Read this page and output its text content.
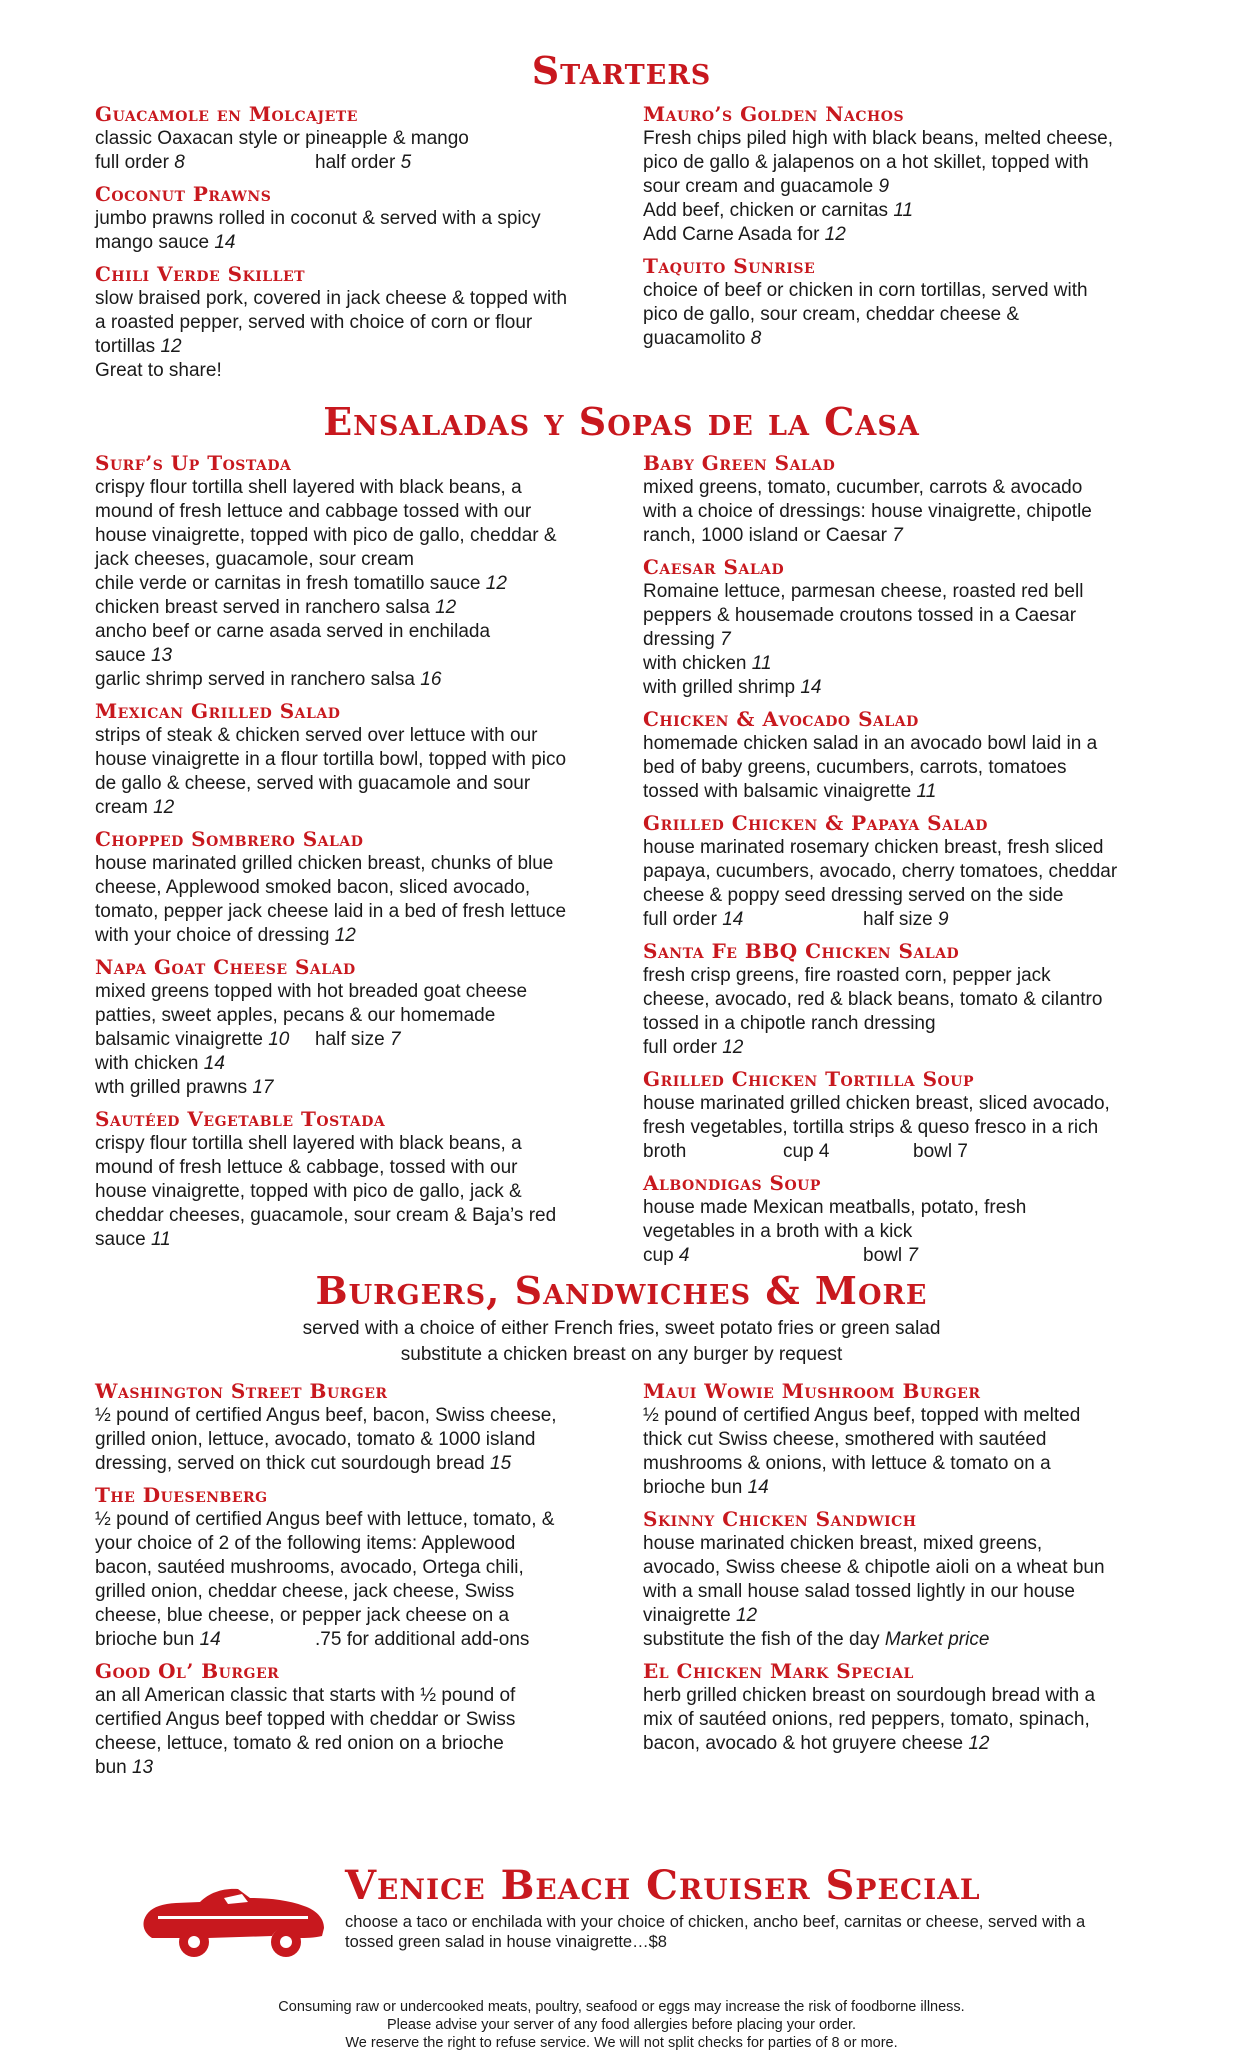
Starters
Guacamole en Molcajete
classic Oaxacan style or pineapple & mango
full order 8	half order 5
Coconut Prawns
jumbo prawns rolled in coconut & served with a spicy
mango sauce 14
Chili Verde Skillet
slow braised pork, covered in jack cheese & topped with
a roasted pepper, served with choice of corn or flour
tortillas 12
Great to share!
Mauro’s Golden Nachos
Fresh chips piled high with black beans, melted cheese,
pico de gallo & jalapenos on a hot skillet, topped with
sour cream and guacamole 9
Add beef, chicken or carnitas 11
Add Carne Asada for 12
Taquito Sunrise
choice of beef or chicken in corn tortillas, served with
pico de gallo, sour cream, cheddar cheese &
guacamolito 8
Ensaladas y Sopas de la Casa
Surf’s Up Tostada
crispy flour tortilla shell layered with black beans, a
mound of fresh lettuce and cabbage tossed with our
house vinaigrette, topped with pico de gallo, cheddar &
jack cheeses, guacamole, sour cream
chile verde or carnitas in fresh tomatillo sauce 12
chicken breast served in ranchero salsa 12
ancho beef or carne asada served in enchilada
sauce 13
garlic shrimp served in ranchero salsa 16
Mexican Grilled Salad
strips of steak & chicken served over lettuce with our
house vinaigrette in a flour tortilla bowl, topped with pico
de gallo & cheese, served with guacamole and sour
cream 12
Chopped Sombrero Salad
house marinated grilled chicken breast, chunks of blue
cheese, Applewood smoked bacon, sliced avocado,
tomato, pepper jack cheese laid in a bed of fresh lettuce
with your choice of dressing 12
Napa Goat Cheese Salad
mixed greens topped with hot breaded goat cheese
patties, sweet apples, pecans & our homemade
balsamic vinaigrette 10 half size 7
with chicken 14
wth grilled prawns 17
Sautéed Vegetable Tostada
crispy flour tortilla shell layered with black beans, a
mound of fresh lettuce & cabbage, tossed with our
house vinaigrette, topped with pico de gallo, jack &
cheddar cheeses, guacamole, sour cream & Baja’s red
sauce 11
Baby Green Salad
mixed greens, tomato, cucumber, carrots & avocado
with a choice of dressings: house vinaigrette, chipotle
ranch, 1000 island or Caesar 7
Caesar Salad
Romaine lettuce, parmesan cheese, roasted red bell
peppers & housemade croutons tossed in a Caesar
dressing 7
with chicken 11
with grilled shrimp 14
Chicken & Avocado Salad
homemade chicken salad in an avocado bowl laid in a
bed of baby greens, cucumbers, carrots, tomatoes
tossed with balsamic vinaigrette 11
Grilled Chicken & Papaya Salad
house marinated rosemary chicken breast, fresh sliced
papaya, cucumbers, avocado, cherry tomatoes, cheddar
cheese & poppy seed dressing served on the side
full order 14	half size 9
Santa Fe BBQ Chicken Salad
fresh crisp greens, fire roasted corn, pepper jack
cheese, avocado, red & black beans, tomato & cilantro
tossed in a chipotle ranch dressing
full order 12
Grilled Chicken Tortilla Soup
house marinated grilled chicken breast, sliced avocado,
fresh vegetables, tortilla strips & queso fresco in a rich
broth	cup 4	bowl 7
Albondigas Soup
house made Mexican meatballs, potato, fresh
vegetables in a broth with a kick
cup 4	bowl 7
Burgers, Sandwiches & More
served with a choice of either French fries, sweet potato fries or green salad
substitute a chicken breast on any burger by request
Washington Street Burger
½ pound of certified Angus beef, bacon, Swiss cheese,
grilled onion, lettuce, avocado, tomato & 1000 island
dressing, served on thick cut sourdough bread 15
The Duesenberg
½ pound of certified Angus beef with lettuce, tomato, &
your choice of 2 of the following items: Applewood
bacon, sautéed mushrooms, avocado, Ortega chili,
grilled onion, cheddar cheese, jack cheese, Swiss
cheese, blue cheese, or pepper jack cheese on a
brioche bun 14	.75 for additional add-ons
Good Ol’ Burger
an all American classic that starts with ½ pound of
certified Angus beef topped with cheddar or Swiss
cheese, lettuce, tomato & red onion on a brioche
bun 13
Maui Wowie Mushroom Burger
½ pound of certified Angus beef, topped with melted
thick cut Swiss cheese, smothered with sautéed
mushrooms & onions, with lettuce & tomato on a
brioche bun 14
Skinny Chicken Sandwich
house marinated chicken breast, mixed greens,
avocado, Swiss cheese & chipotle aioli on a wheat bun
with a small house salad tossed lightly in our house
vinaigrette 12
substitute the fish of the day Market price
El Chicken Mark Special
herb grilled chicken breast on sourdough bread with a
mix of sautéed onions, red peppers, tomato, spinach,
bacon, avocado & hot gruyere cheese 12
Venice Beach Cruiser Special
choose a taco or enchilada with your choice of chicken, ancho beef, carnitas or cheese, served with a
tossed green salad in house vinaigrette…$8
Consuming raw or undercooked meats, poultry, seafood or eggs may increase the risk of foodborne illness.
Please advise your server of any food allergies before placing your order.
We reserve the right to refuse service. We will not split checks for parties of 8 or more.
